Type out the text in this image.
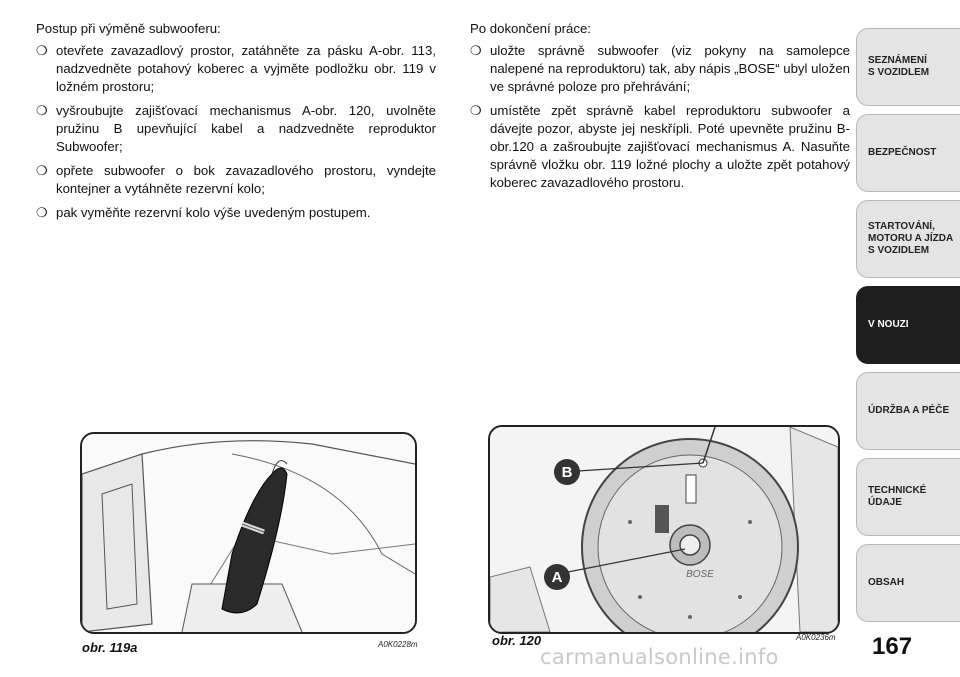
Postup při výměně subwooferu:

❍ otevřete zavazadlový prostor, zatáhněte za pásku A-obr. 113, nadzvedněte potahový koberec a vyjměte podložku obr. 119 v ložném prostoru;
❍ vyšroubujte zajišťovací mechanismus A-obr. 120, uvolněte pružinu B upevňující kabel a nadzvedněte reproduktor Subwoofer;
❍ opřete subwoofer o bok zavazadlového prostoru, vyndejte kontejner a vytáhněte rezervní kolo;
❍ pak vyměňte rezervní kolo výše uvedeným postupem.

Po dokončení práce:

❍ uložte správně subwoofer (viz pokyny na samolepce nalepené na reproduktoru) tak, aby nápis „BOSE“ ubyl uložen ve správné poloze pro přehrávání;
❍ umístěte zpět správně kabel reproduktoru subwoofer a dávejte pozor, abyste jej neskřípli. Poté upevněte pružinu B-obr.120 a zašroubujte zajišťovací mechanismus A. Nasuňte správně vložku obr. 119 ložné plochy a uložte zpět potahový koberec zavazadlového prostoru.
obr. 119a	A0K0228m
B
A	BOSE
obr. 120	A0K0236m 167
SEZNÁMENÍ
S VOZIDLEM
BEZPEČNOST
STARTOVÁNÍ,
MOTORU A JÍZDA
S VOZIDLEM
V NOUZI
ÚDRŽBA A PÉČE
TECHNICKÉ
ÚDAJE
OBSAH
carmanualsonline.info
